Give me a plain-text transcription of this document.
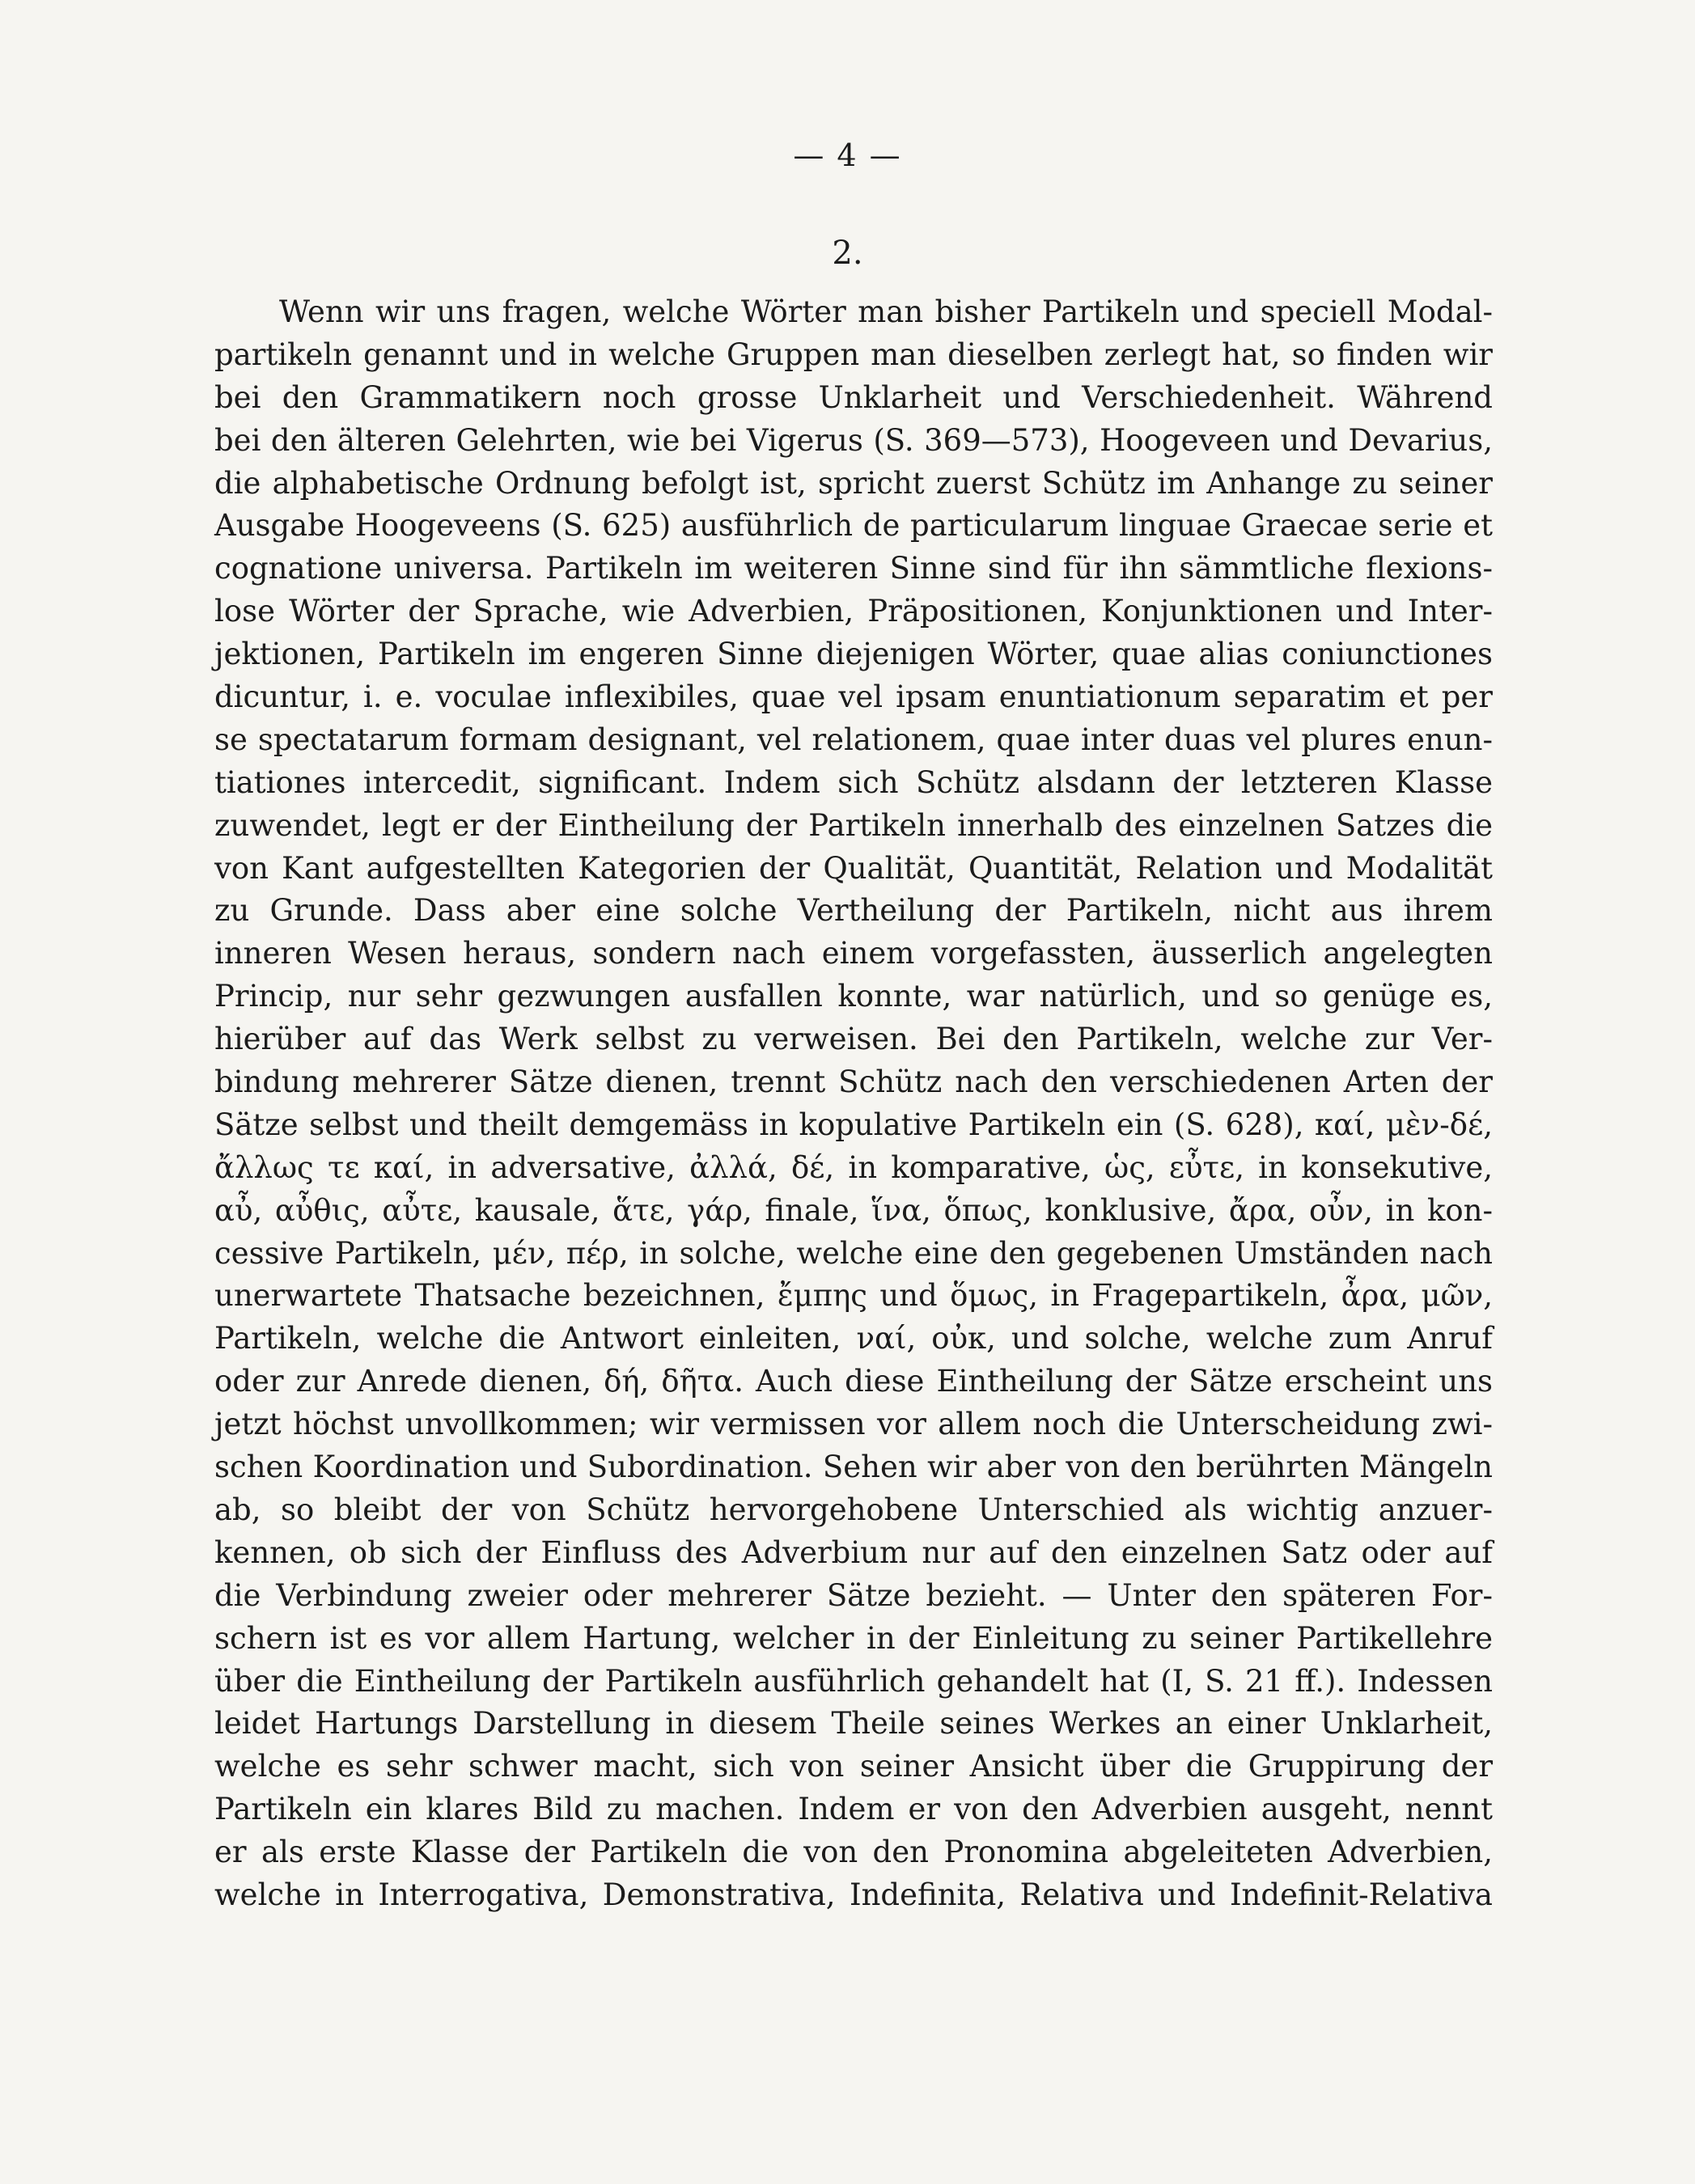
— 4 —
2.
Wenn wir uns fragen, welche Wörter man bisher Partikeln und speciell Modal-
partikeln genannt und in welche Gruppen man dieselben zerlegt hat, so finden wir
bei den Grammatikern noch grosse Unklarheit und Verschiedenheit. Während
bei den älteren Gelehrten, wie bei Vigerus (S. 369—573), Hoogeveen und Devarius,
die alphabetische Ordnung befolgt ist, spricht zuerst Schütz im Anhange zu seiner
Ausgabe Hoogeveens (S. 625) ausführlich de particularum linguae Graecae serie et
cognatione universa. Partikeln im weiteren Sinne sind für ihn sämmtliche flexions-
lose Wörter der Sprache, wie Adverbien, Präpositionen, Konjunktionen und Inter-
jektionen, Partikeln im engeren Sinne diejenigen Wörter, quae alias coniunctiones
dicuntur, i. e. voculae inflexibiles, quae vel ipsam enuntiationum separatim et per
se spectatarum formam designant, vel relationem, quae inter duas vel plures enun-
tiationes intercedit, significant. Indem sich Schütz alsdann der letzteren Klasse
zuwendet, legt er der Eintheilung der Partikeln innerhalb des einzelnen Satzes die
von Kant aufgestellten Kategorien der Qualität, Quantität, Relation und Modalität
zu Grunde. Dass aber eine solche Vertheilung der Partikeln, nicht aus ihrem
inneren Wesen heraus, sondern nach einem vorgefassten, äusserlich angelegten
Princip, nur sehr gezwungen ausfallen konnte, war natürlich, und so genüge es,
hierüber auf das Werk selbst zu verweisen. Bei den Partikeln, welche zur Ver-
bindung mehrerer Sätze dienen, trennt Schütz nach den verschiedenen Arten der
Sätze selbst und theilt demgemäss in kopulative Partikeln ein (S. 628), καί, μὲν-δέ,
ἄλλως τε καί, in adversative, ἀλλά, δέ, in komparative, ὡς, εὖτε, in konsekutive,
αὖ, αὖθις, αὖτε, kausale, ἅτε, γάρ, finale, ἵνα, ὅπως, konklusive, ἄρα, οὖν, in kon-
cessive Partikeln, μέν, πέρ, in solche, welche eine den gegebenen Umständen nach
unerwartete Thatsache bezeichnen, ἔμπης und ὅμως, in Fragepartikeln, ἆρα, μῶν,
Partikeln, welche die Antwort einleiten, ναί, οὐκ, und solche, welche zum Anruf
oder zur Anrede dienen, δή, δῆτα. Auch diese Eintheilung der Sätze erscheint uns
jetzt höchst unvollkommen; wir vermissen vor allem noch die Unterscheidung zwi-
schen Koordination und Subordination. Sehen wir aber von den berührten Mängeln
ab, so bleibt der von Schütz hervorgehobene Unterschied als wichtig anzuer-
kennen, ob sich der Einfluss des Adverbium nur auf den einzelnen Satz oder auf
die Verbindung zweier oder mehrerer Sätze bezieht. — Unter den späteren For-
schern ist es vor allem Hartung, welcher in der Einleitung zu seiner Partikellehre
über die Eintheilung der Partikeln ausführlich gehandelt hat (I, S. 21 ff.). Indessen
leidet Hartungs Darstellung in diesem Theile seines Werkes an einer Unklarheit,
welche es sehr schwer macht, sich von seiner Ansicht über die Gruppirung der
Partikeln ein klares Bild zu machen. Indem er von den Adverbien ausgeht, nennt
er als erste Klasse der Partikeln die von den Pronomina abgeleiteten Adverbien,
welche in Interrogativa, Demonstrativa, Indefinita, Relativa und Indefinit-Relativa
